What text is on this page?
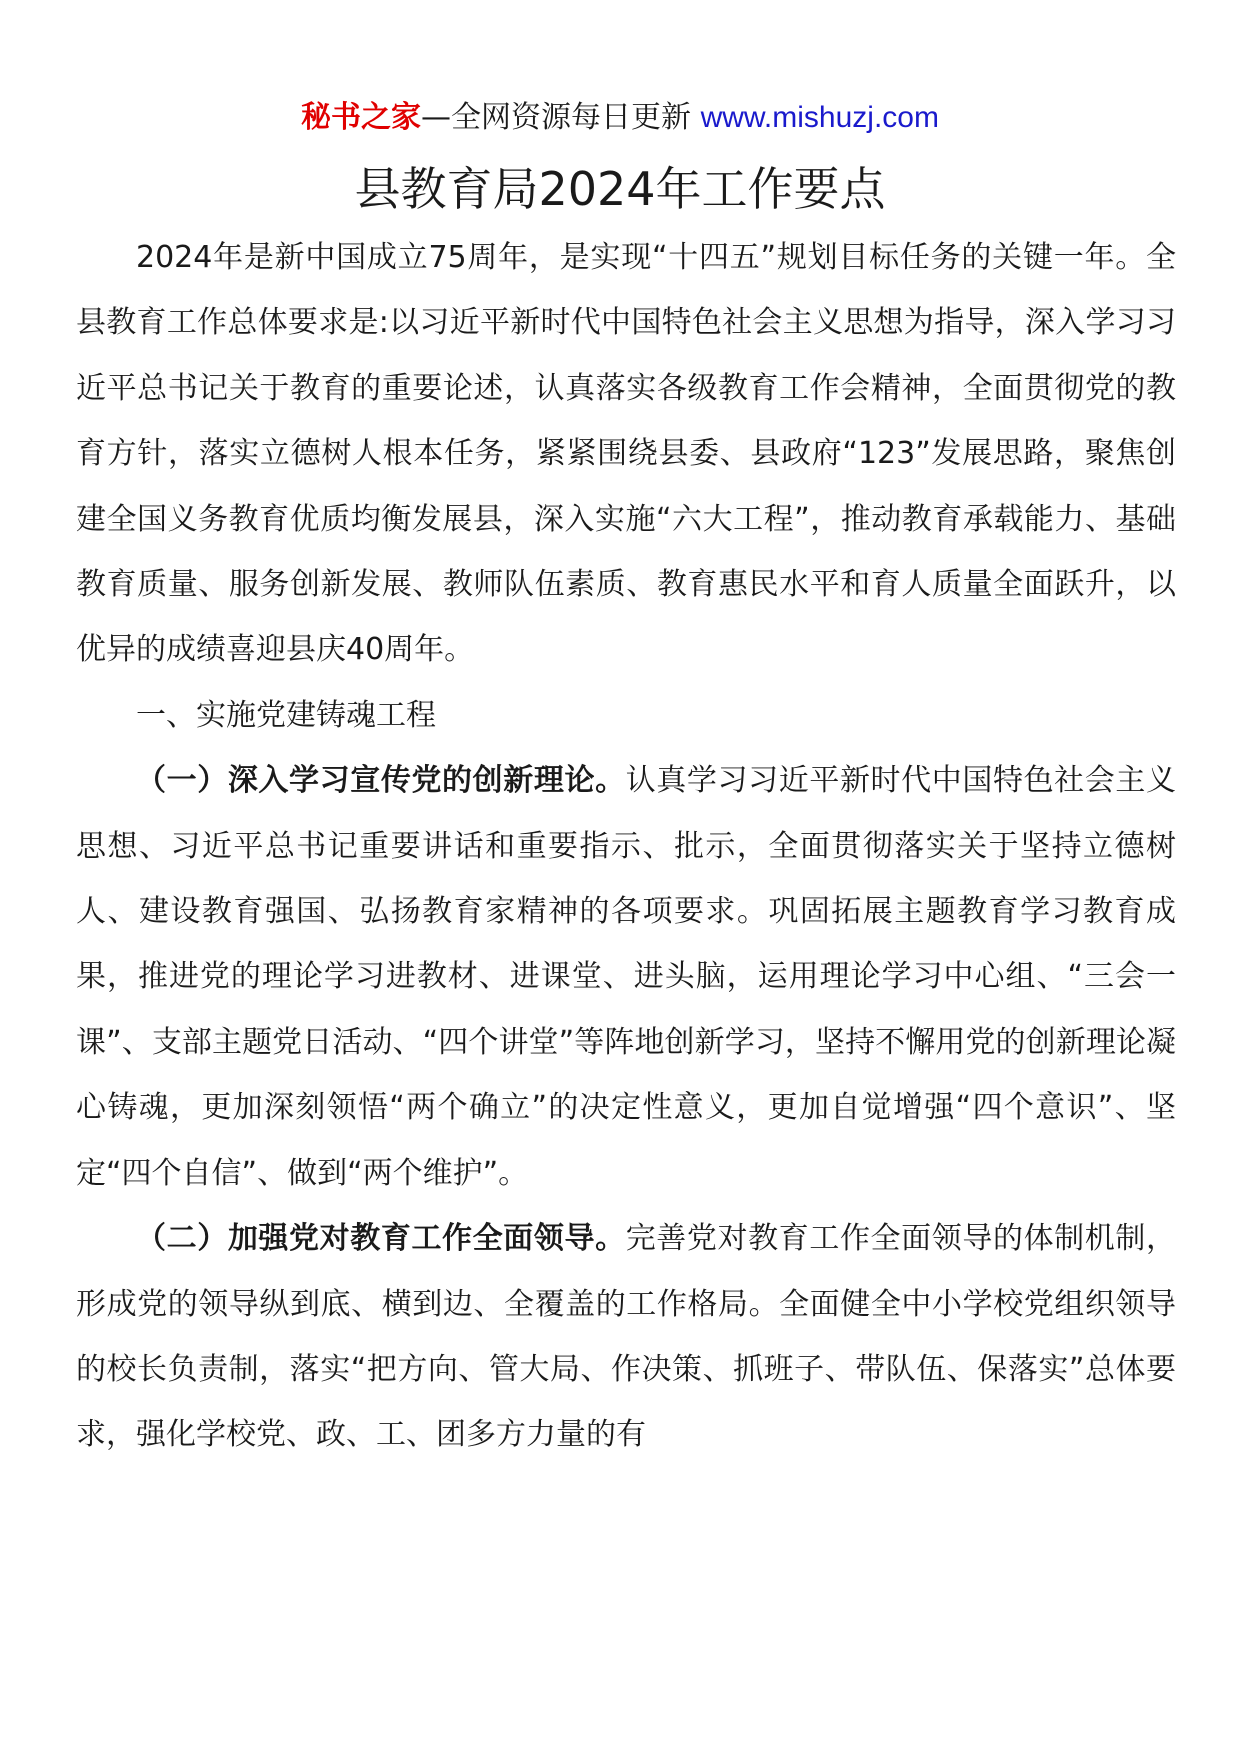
秘书之家—全网资源每日更新 www.mishuzj.com
县教育局2024年工作要点

2024年是新中国成立75周年，是实现“十四五”规划目标任务的关键一年。全县教育工作总体要求是:以习近平新时代中国特色社会主义思想为指导，深入学习习近平总书记关于教育的重要论述，认真落实各级教育工作会精神，全面贯彻党的教育方针，落实立德树人根本任务，紧紧围绕县委、县政府“123”发展思路，聚焦创建全国义务教育优质均衡发展县，深入实施“六大工程”，推动教育承载能力、基础教育质量、服务创新发展、教师队伍素质、教育惠民水平和育人质量全面跃升，以优异的成绩喜迎县庆40周年。

一、实施党建铸魂工程

（一）深入学习宣传党的创新理论。认真学习习近平新时代中国特色社会主义思想、习近平总书记重要讲话和重要指示、批示，全面贯彻落实关于坚持立德树人、建设教育强国、弘扬教育家精神的各项要求。巩固拓展主题教育学习教育成果，推进党的理论学习进教材、进课堂、进头脑，运用理论学习中心组、“三会一课”、支部主题党日活动、“四个讲堂”等阵地创新学习，坚持不懈用党的创新理论凝心铸魂，更加深刻领悟“两个确立”的决定性意义，更加自觉增强“四个意识”、坚定“四个自信”、做到“两个维护”。

（二）加强党对教育工作全面领导。完善党对教育工作全面领导的体制机制，形成党的领导纵到底、横到边、全覆盖的工作格局。全面健全中小学校党组织领导的校长负责制，落实“把方向、管大局、作决策、抓班子、带队伍、保落实”总体要求，强化学校党、政、工、团多方力量的有
